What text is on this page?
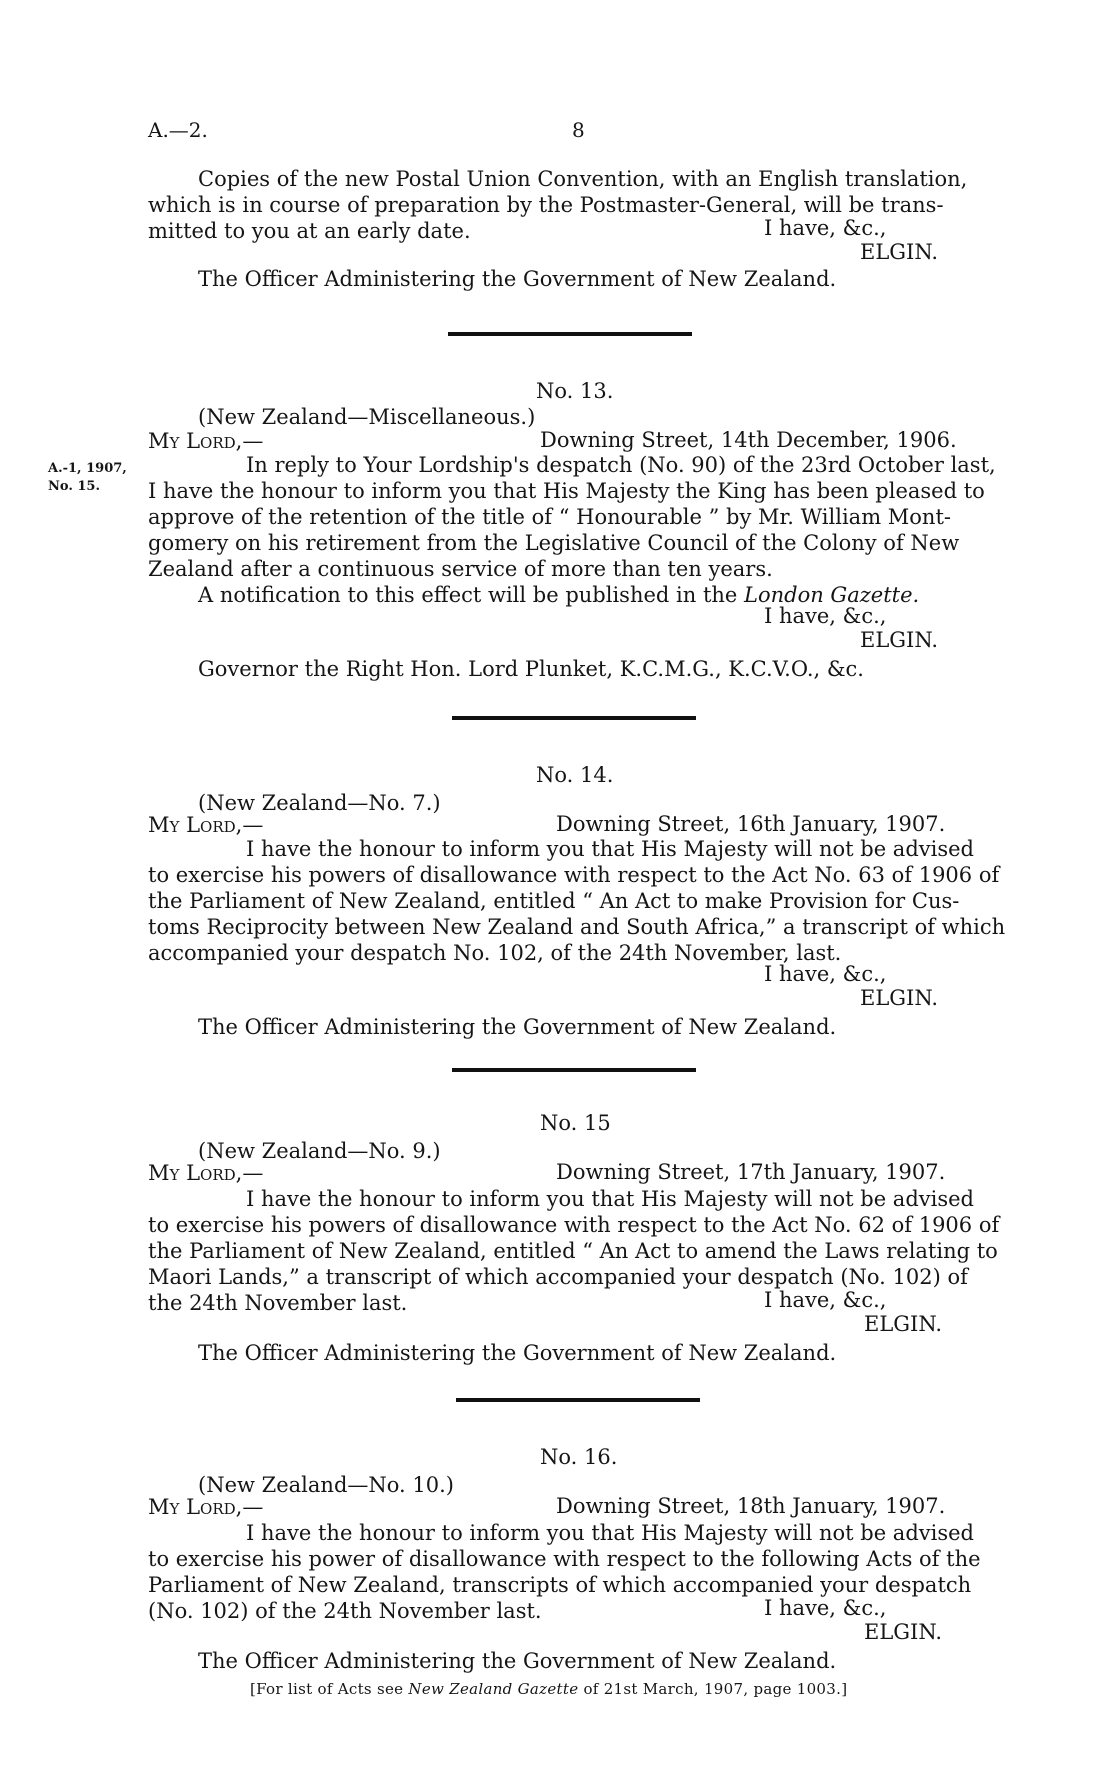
A.—2.	8
Copies of the new Postal Union Convention, with an English translation,
which is in course of preparation by the Postmaster-General, will be trans-
mitted to you at an early date.	I have, &c.,
ELGIN.
The Officer Administering the Government of New Zealand.
No. 13.
(New Zealand—Miscellaneous.)
My Lord,—	Downing Street, 14th December, 1906.
A.-1, 1907,
No. 15.
In reply to Your Lordship's despatch (No. 90) of the 23rd October last,
I have the honour to inform you that His Majesty the King has been pleased to
approve of the retention of the title of “ Honourable ” by Mr. William Mont-
gomery on his retirement from the Legislative Council of the Colony of New
Zealand after a continuous service of more than ten years.
A notification to this effect will be published in the London Gazette.
I have, &c.,
ELGIN.
Governor the Right Hon. Lord Plunket, K.C.M.G., K.C.V.O., &c.
No. 14.
(New Zealand—No. 7.)
My Lord,—	Downing Street, 16th January, 1907.
I have the honour to inform you that His Majesty will not be advised
to exercise his powers of disallowance with respect to the Act No. 63 of 1906 of
the Parliament of New Zealand, entitled “ An Act to make Provision for Cus-
toms Reciprocity between New Zealand and South Africa,” a transcript of which
accompanied your despatch No. 102, of the 24th November, last.
I have, &c.,
ELGIN.
The Officer Administering the Government of New Zealand.
No. 15
(New Zealand—No. 9.)
My Lord,—	Downing Street, 17th January, 1907.
I have the honour to inform you that His Majesty will not be advised
to exercise his powers of disallowance with respect to the Act No. 62 of 1906 of
the Parliament of New Zealand, entitled “ An Act to amend the Laws relating to
Maori Lands,” a transcript of which accompanied your despatch (No. 102) of
the 24th November last.	I have, &c.,
ELGIN.
The Officer Administering the Government of New Zealand.
No. 16.
(New Zealand—No. 10.)
My Lord,—	Downing Street, 18th January, 1907.
I have the honour to inform you that His Majesty will not be advised
to exercise his power of disallowance with respect to the following Acts of the
Parliament of New Zealand, transcripts of which accompanied your despatch
(No. 102) of the 24th November last.	I have, &c.,
ELGIN.
The Officer Administering the Government of New Zealand.
[For list of Acts see New Zealand Gazette of 21st March, 1907, page 1003.]
